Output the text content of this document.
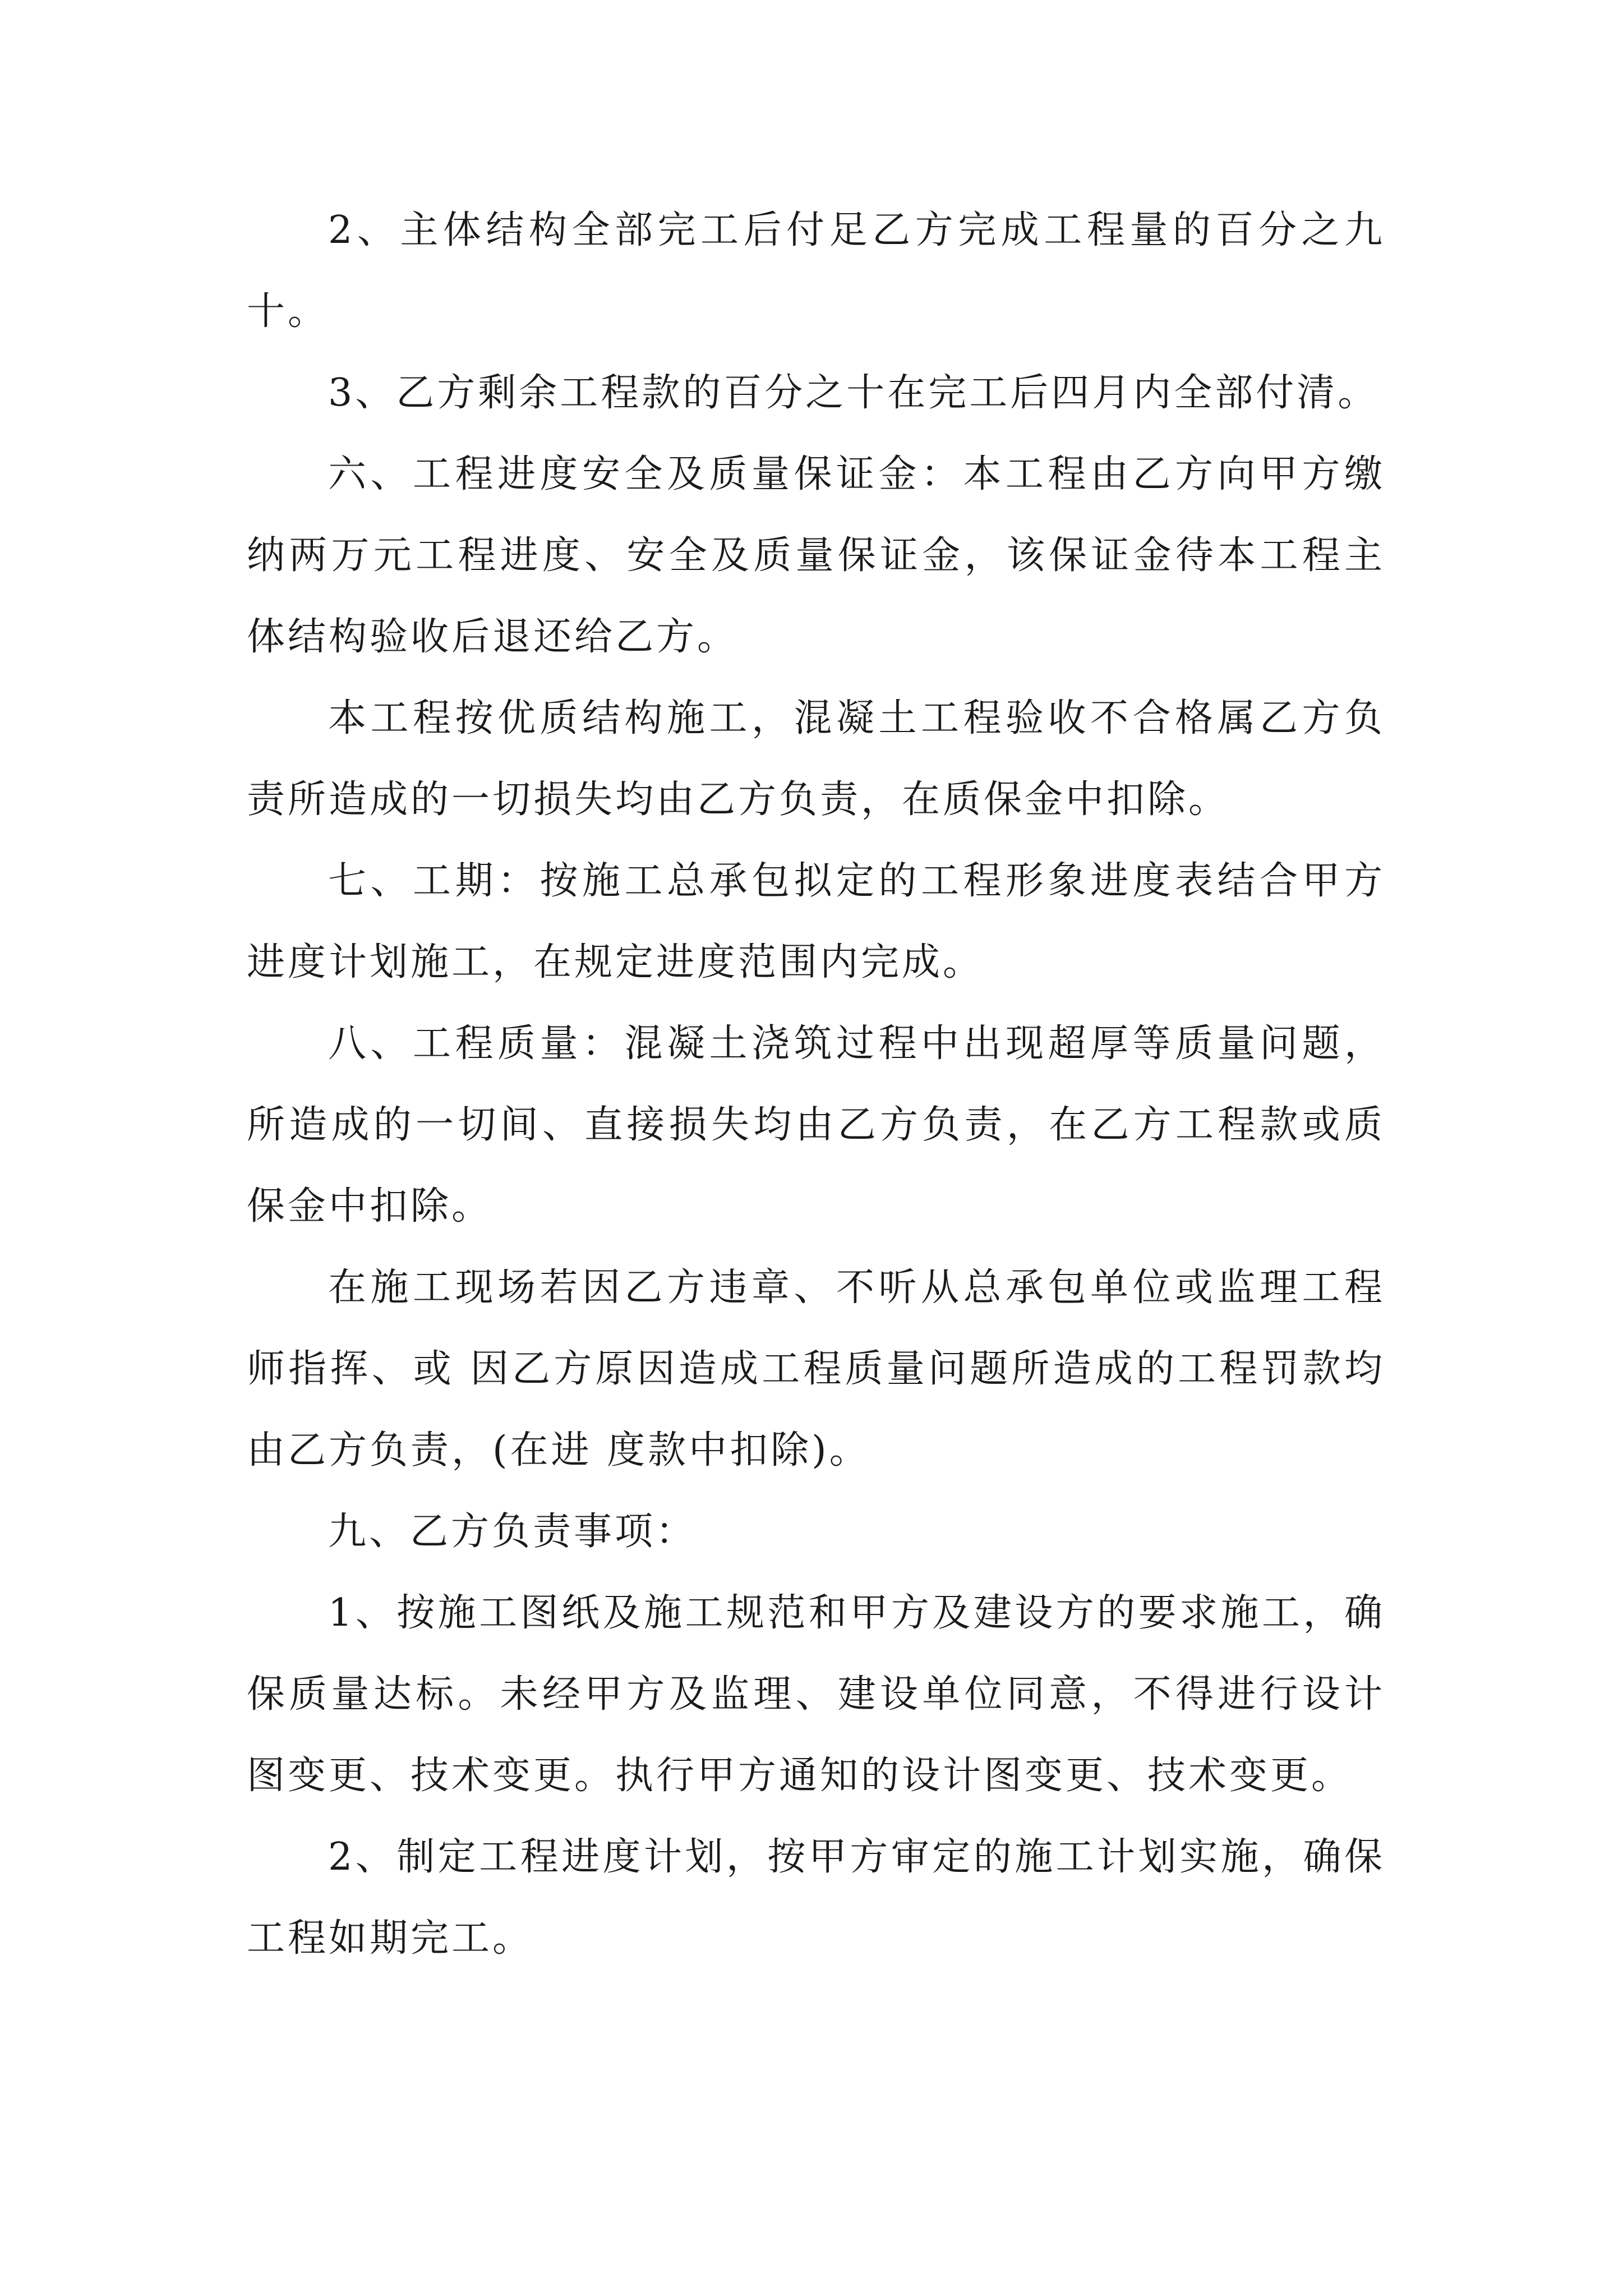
2、主体结构全部完工后付足乙方完成工程量的百分之九十。

3、乙方剩余工程款的百分之十在完工后四月内全部付清。

六、工程进度安全及质量保证金：本工程由乙方向甲方缴纳两万元工程进度、安全及质量保证金，该保证金待本工程主体结构验收后退还给乙方。

本工程按优质结构施工，混凝土工程验收不合格属乙方负责所造成的一切损失均由乙方负责，在质保金中扣除。

七、工期：按施工总承包拟定的工程形象进度表结合甲方进度计划施工，在规定进度范围内完成。

八、工程质量：混凝土浇筑过程中出现超厚等质量问题，所造成的一切间、直接损失均由乙方负责，在乙方工程款或质保金中扣除。

在施工现场若因乙方违章、不听从总承包单位或监理工程师指挥、或 因乙方原因造成工程质量问题所造成的工程罚款均由乙方负责，(在进 度款中扣除)。

九、乙方负责事项：

1、按施工图纸及施工规范和甲方及建设方的要求施工，确保质量达标。未经甲方及监理、建设单位同意，不得进行设计图变更、技术变更。执行甲方通知的设计图变更、技术变更。

2、制定工程进度计划，按甲方审定的施工计划实施，确保工程如期完工。
